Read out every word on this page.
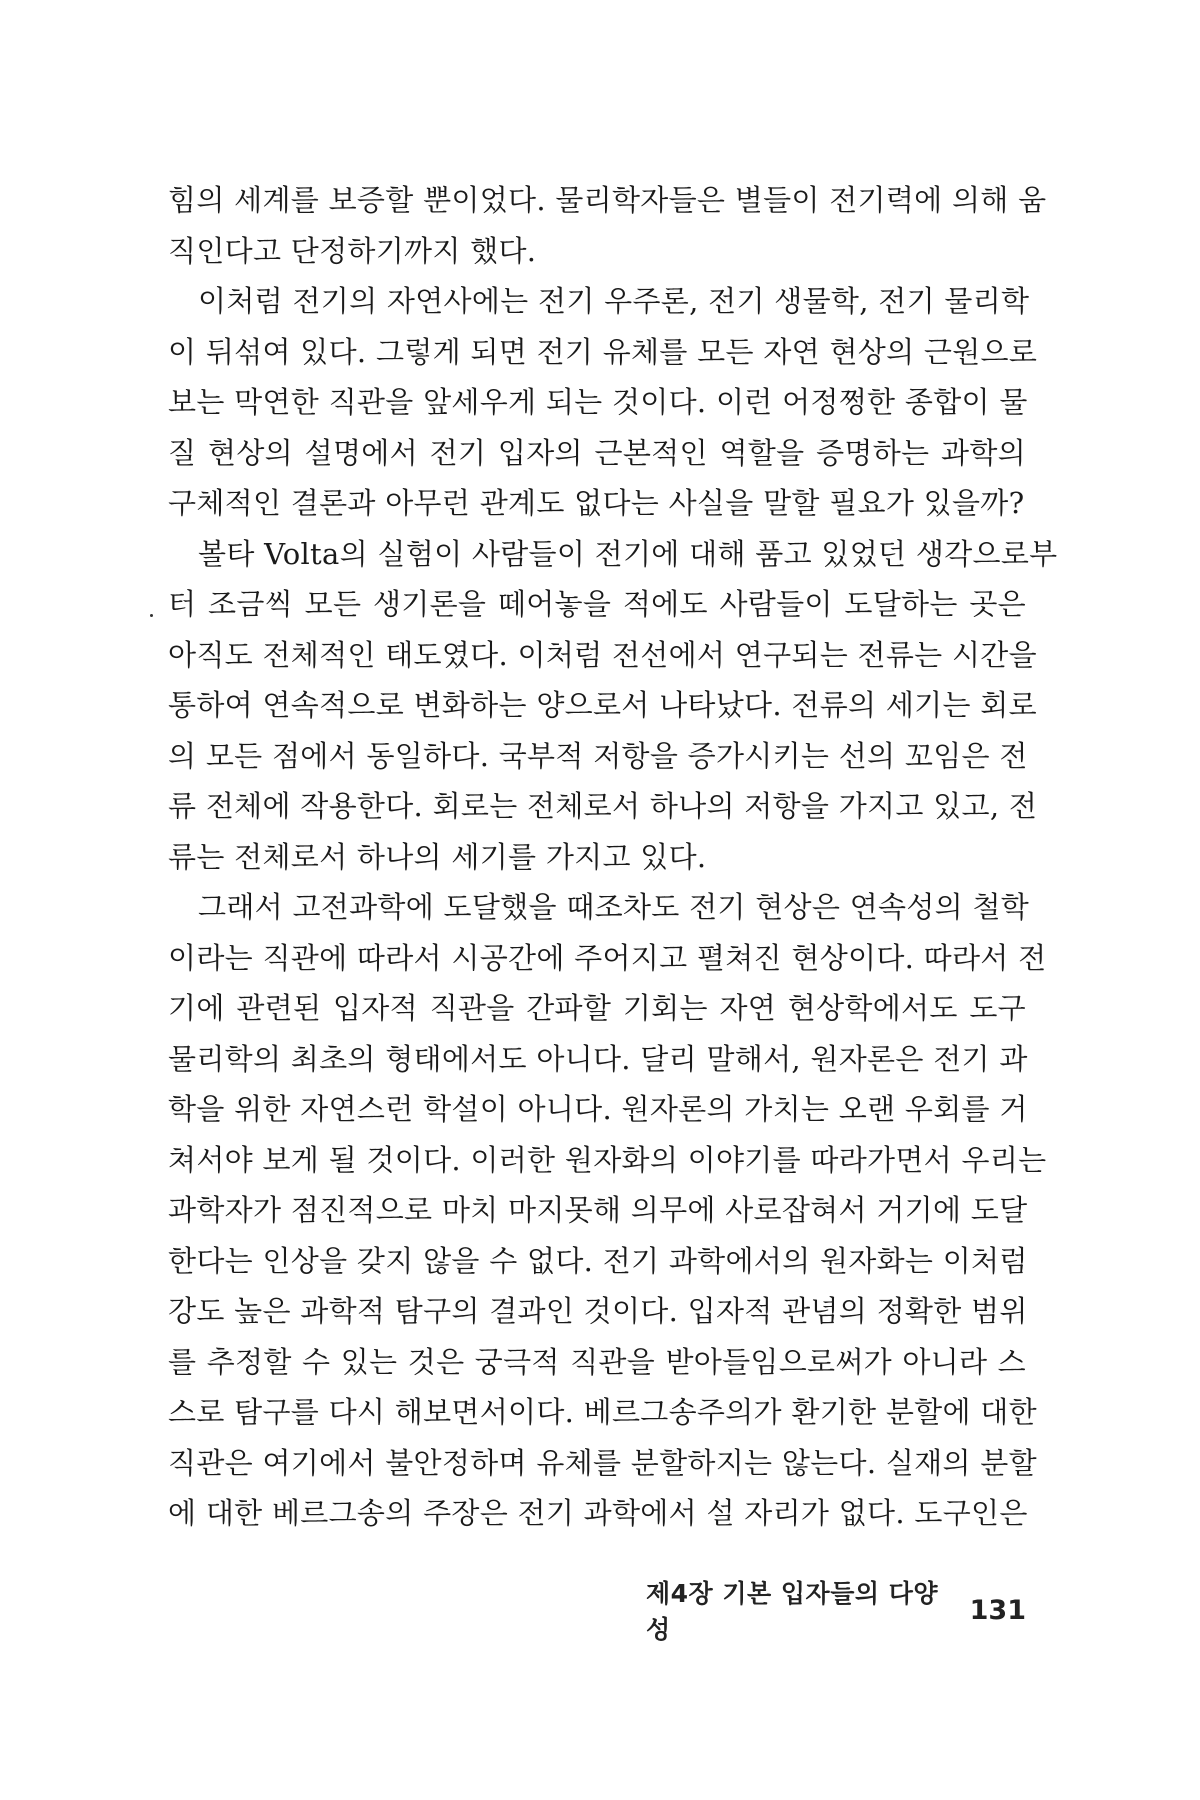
힘의 세계를 보증할 뿐이었다. 물리학자들은 별들이 전기력에 의해 움
직인다고 단정하기까지 했다.
이처럼 전기의 자연사에는 전기 우주론, 전기 생물학, 전기 물리학
이 뒤섞여 있다. 그렇게 되면 전기 유체를 모든 자연 현상의 근원으로
보는 막연한 직관을 앞세우게 되는 것이다. 이런 어정쩡한 종합이 물
질 현상의 설명에서 전기 입자의 근본적인 역할을 증명하는 과학의
구체적인 결론과 아무런 관계도 없다는 사실을 말할 필요가 있을까?
볼타 Volta의 실험이 사람들이 전기에 대해 품고 있었던 생각으로부
터 조금씩 모든 생기론을 떼어놓을 적에도 사람들이 도달하는 곳은
아직도 전체적인 태도였다. 이처럼 전선에서 연구되는 전류는 시간을
통하여 연속적으로 변화하는 양으로서 나타났다. 전류의 세기는 회로
의 모든 점에서 동일하다. 국부적 저항을 증가시키는 선의 꼬임은 전
류 전체에 작용한다. 회로는 전체로서 하나의 저항을 가지고 있고, 전
류는 전체로서 하나의 세기를 가지고 있다.
그래서 고전과학에 도달했을 때조차도 전기 현상은 연속성의 철학
이라는 직관에 따라서 시공간에 주어지고 펼쳐진 현상이다. 따라서 전
기에 관련된 입자적 직관을 간파할 기회는 자연 현상학에서도 도구
물리학의 최초의 형태에서도 아니다. 달리 말해서, 원자론은 전기 과
학을 위한 자연스런 학설이 아니다. 원자론의 가치는 오랜 우회를 거
쳐서야 보게 될 것이다. 이러한 원자화의 이야기를 따라가면서 우리는
과학자가 점진적으로 마치 마지못해 의무에 사로잡혀서 거기에 도달
한다는 인상을 갖지 않을 수 없다. 전기 과학에서의 원자화는 이처럼
강도 높은 과학적 탐구의 결과인 것이다. 입자적 관념의 정확한 범위
를 추정할 수 있는 것은 궁극적 직관을 받아들임으로써가 아니라 스
스로 탐구를 다시 해보면서이다. 베르그송주의가 환기한 분할에 대한
직관은 여기에서 불안정하며 유체를 분할하지는 않는다. 실재의 분할
에 대한 베르그송의 주장은 전기 과학에서 설 자리가 없다. 도구인은
제4장 기본 입자들의 다양성
131
